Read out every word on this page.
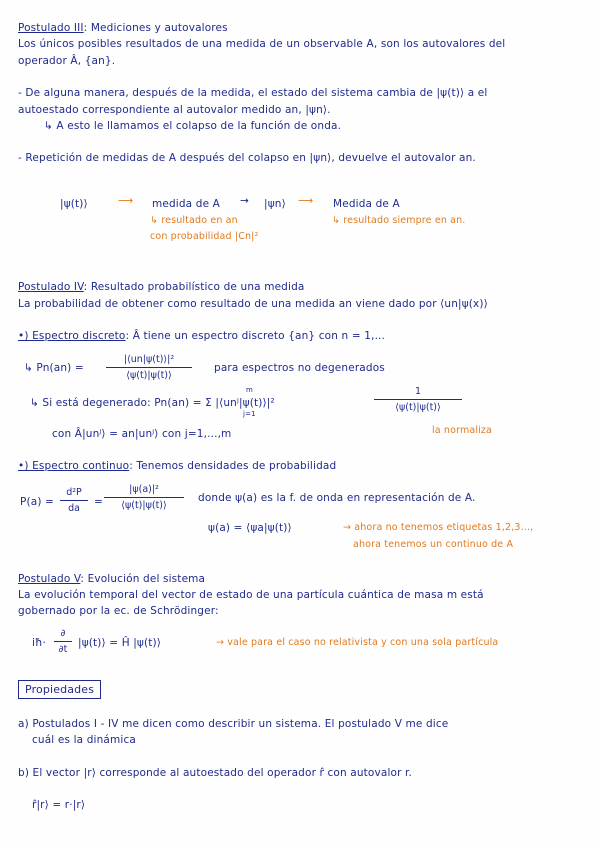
Postulado III: Mediciones y autovalores
Los únicos posibles resultados de una medida de un observable A, son los autovalores del
operador Â, {an}.
- De alguna manera, después de la medida, el estado del sistema cambia de |ψ(t)⟩ a el
autoestado correspondiente al autovalor medido an, |ψn⟩.
↳ A esto le llamamos el colapso de la función de onda.
- Repetición de medidas de A después del colapso en |ψn⟩, devuelve el autovalor an.
|ψ(t)⟩	⟶ medida de A → |ψn⟩ ⟶ Medida de A
↳ resultado en an
con probabilidad |Cn|²
↳ resultado siempre en an.
Postulado IV: Resultado probabilístico de una medida
La probabilidad de obtener como resultado de una medida an viene dado por ⟨un|ψ(x)⟩
•) Espectro discreto: Â tiene un espectro discreto {an} con n = 1,...
↳ Pn(an) =
|⟨un|ψ(t)⟩|²
⟨ψ(t)|ψ(t)⟩
para espectros no degenerados
↳ Si está degenerado: Pn(an) = Σ |⟨unʲ|ψ(t)⟩|²
m
j=1
1
⟨ψ(t)|ψ(t)⟩
la normaliza
con Â|unʲ⟩ = an|unʲ⟩ con j=1,...,m
•) Espectro continuo: Tenemos densidades de probabilidad
P(a) =
d²P
da
=
|ψ(a)|²
⟨ψ(t)|ψ(t)⟩
donde ψ(a) es la f. de onda en representación de A.
ψ(a) = ⟨ψa|ψ(t)⟩	→ ahora no tenemos etiquetas 1,2,3...,
ahora tenemos un continuo de A
Postulado V: Evolución del sistema
La evolución temporal del vector de estado de una partícula cuántica de masa m está
gobernado por la ec. de Schrödinger:
iħ·
∂
∂t
|ψ(t)⟩ = Ĥ |ψ(t)⟩	→ vale para el caso no relativista y con una sola partícula
Propiedades
a) Postulados I - IV me dicen como describir un sistema. El postulado V me dice
cuál es la dinámica
b) El vector |r⟩ corresponde al autoestado del operador r̂ con autovalor r.
r̂|r⟩ = r·|r⟩
